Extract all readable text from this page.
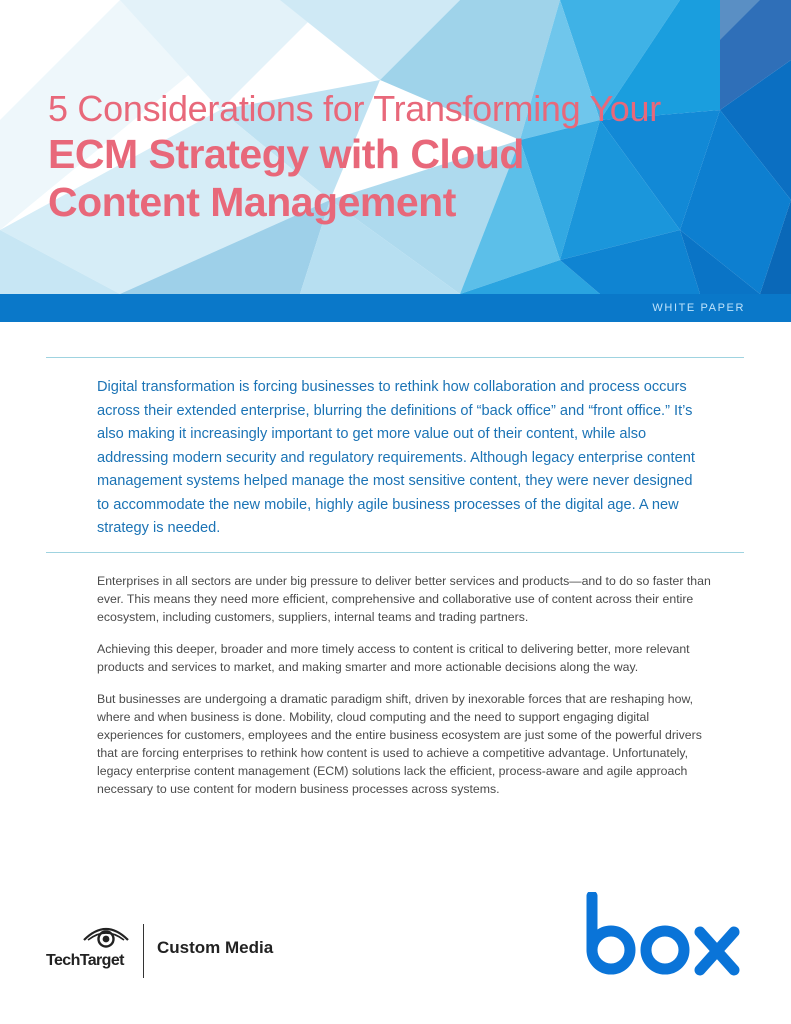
5 Considerations for Transforming Your
ECM Strategy with Cloud
Content Management
WHITE PAPER

Digital transformation is forcing businesses to rethink how collaboration and process occurs across their extended enterprise, blurring the definitions of “back office” and “front office.” It’s also making it increasingly important to get more value out of their content, while also addressing modern security and regulatory requirements. Although legacy enterprise content management systems helped manage the most sensitive content, they were never designed to accommodate the new mobile, highly agile business processes of the digital age. A new strategy is needed.

Enterprises in all sectors are under big pressure to deliver better services and products—and to do so faster than ever. This means they need more efficient, comprehensive and collaborative use of content across their entire ecosystem, including customers, suppliers, internal teams and trading partners.

Achieving this deeper, broader and more timely access to content is critical to delivering better, more relevant products and services to market, and making smarter and more actionable decisions along the way.

But businesses are undergoing a dramatic paradigm shift, driven by inexorable forces that are reshaping how, where and when business is done. Mobility, cloud computing and the need to support engaging digital experiences for customers, employees and the entire business ecosystem are just some of the powerful drivers that are forcing enterprises to rethink how content is used to achieve a competitive advantage. Unfortunately, legacy enterprise content management (ECM) solutions lack the efficient, process-aware and agile approach necessary to use content for modern business processes across systems.

TechTarget
Custom Media
